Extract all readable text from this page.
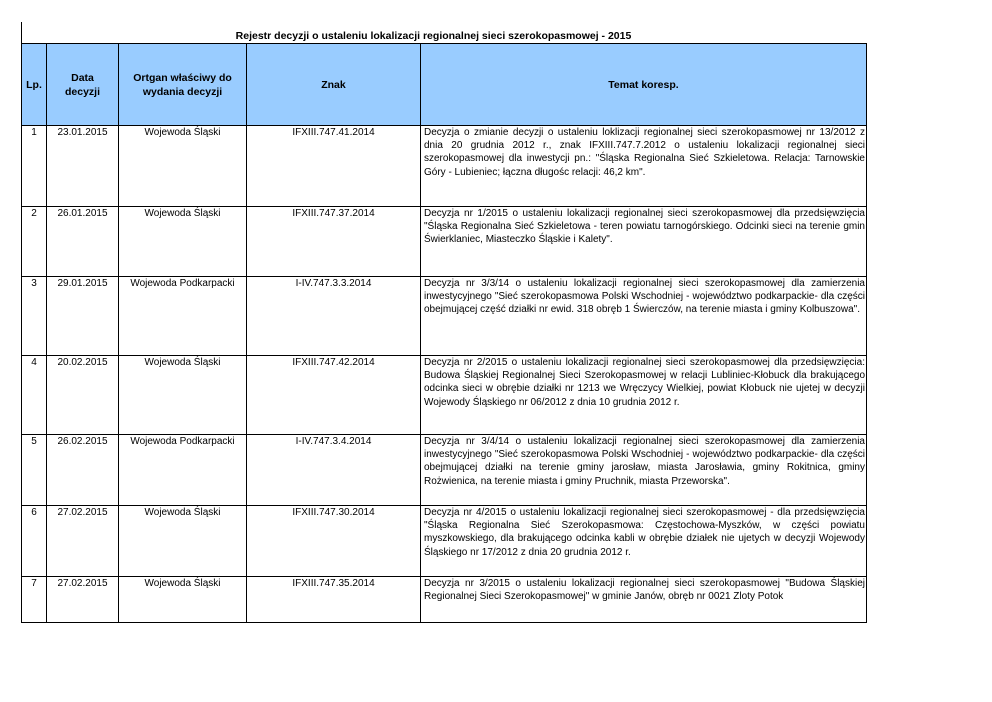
Rejestr decyzji o ustaleniu lokalizacji regionalnej sieci szerokopasmowej - 2015
Lp.	Data decyzji	Ortgan właściwy do wydania decyzji	Znak	Temat koresp.
1	23.01.2015	Wojewoda Śląski	IFXIII.747.41.2014	Decyzja o zmianie decyzji o ustaleniu loklizacji regionalnej sieci szerokopasmowej nr 13/2012 z dnia 20 grudnia 2012 r., znak IFXIII.747.7.2012 o ustaleniu lokalizacji regionalnej sieci szerokopasmowej dla inwestycji pn.: "Śląska Regionalna Sieć Szkieletowa. Relacja: Tarnowskie Góry - Lubieniec; łączna długośc relacji: 46,2 km".
2	26.01.2015	Wojewoda Śląski	IFXIII.747.37.2014	Decyzja nr 1/2015 o ustaleniu lokalizacji regionalnej sieci szerokopasmowej dla przedsięwzięcia "Śląska Regionalna Sieć Szkieletowa - teren powiatu tarnogórskiego. Odcinki sieci na terenie gmin Świerklaniec, Miasteczko Śląskie i Kalety".
3	29.01.2015	Wojewoda Podkarpacki	I-IV.747.3.3.2014	Decyzja nr 3/3/14 o ustaleniu lokalizacji regionalnej sieci szerokopasmowej dla zamierzenia inwestycyjnego "Sieć szerokopasmowa Polski Wschodniej - województwo podkarpackie- dla części obejmującej część działki nr ewid. 318 obręb 1 Świerczów, na terenie miasta i gminy Kolbuszowa".
4	20.02.2015	Wojewoda Śląski	IFXIII.747.42.2014	Decyzja nr 2/2015 o ustaleniu lokalizacji regionalnej sieci szerokopasmowej dla przedsięwzięcia: Budowa Śląskiej Regionalnej Sieci Szerokopasmowej w relacji Lubliniec-Kłobuck dla brakującego odcinka sieci w obrębie działki nr 1213 we Wręczycy Wielkiej, powiat Kłobuck nie ujetej w decyzji Wojewody Śląskiego nr 06/2012 z dnia 10 grudnia 2012 r.
5	26.02.2015	Wojewoda Podkarpacki	I-IV.747.3.4.2014	Decyzja nr 3/4/14 o ustaleniu lokalizacji regionalnej sieci szerokopasmowej dla zamierzenia inwestycyjnego "Sieć szerokopasmowa Polski Wschodniej - województwo podkarpackie- dla części obejmującej działki na terenie gminy jarosław, miasta Jarosławia, gminy Rokitnica, gminy Rożwienica, na terenie miasta i gminy Pruchnik, miasta Przeworska".
6	27.02.2015	Wojewoda Śląski	IFXIII.747.30.2014	Decyzja nr 4/2015 o ustaleniu lokalizacji regionalnej sieci szerokopasmowej - dla przedsięwzięcia "Śląska Regionalna Sieć Szerokopasmowa: Częstochowa-Myszków, w części powiatu myszkowskiego, dla brakującego odcinka kabli w obrębie działek nie ujetych w decyzji Wojewody Śląskiego nr 17/2012 z dnia 20 grudnia 2012 r.
7	27.02.2015	Wojewoda Śląski	IFXIII.747.35.2014	Decyzja nr 3/2015 o ustaleniu lokalizacji regionalnej sieci szerokopasmowej "Budowa Śląskiej Regionalnej Sieci Szerokopasmowej" w gminie Janów, obręb nr 0021 Zloty Potok
